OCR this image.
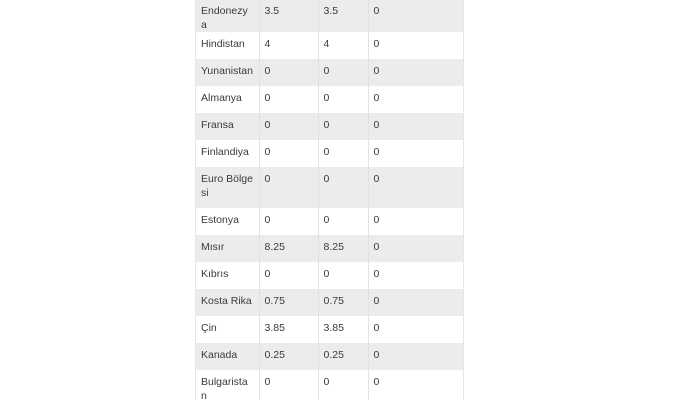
Endonezya	3.5	3.5	0
Hindistan	4	4	0
Yunanistan	0	0	0
Almanya	0	0	0
Fransa	0	0	0
Finlandiya	0	0	0
Euro Bölgesi	0	0	0
Estonya	0	0	0
Mısır	8.25	8.25	0
Kıbrıs	0	0	0
Kosta Rika	0.75	0.75	0
Çin	3.85	3.85	0
Kanada	0.25	0.25	0
Bulgaristan	0	0	0
